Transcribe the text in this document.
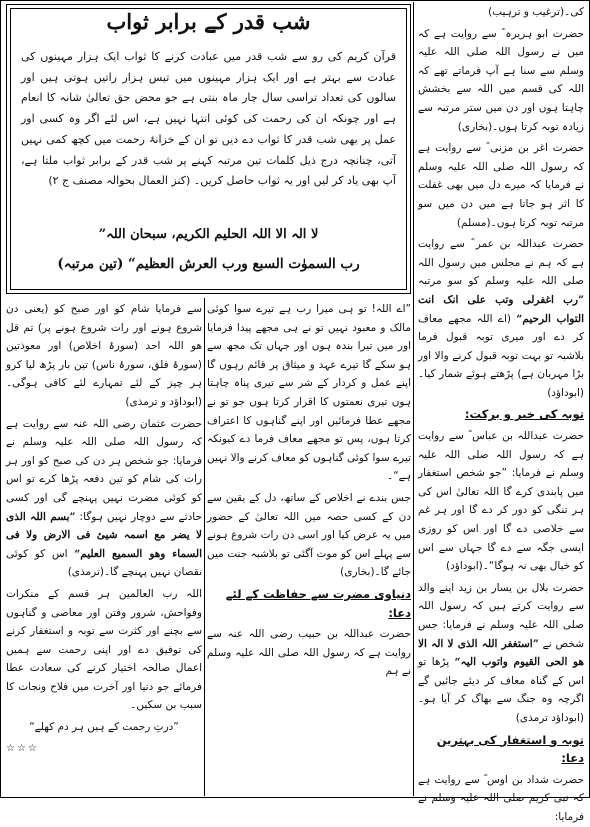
کی۔(ترغیب و ترہیب)

حضرت ابو ہریرہ ؓ سے روایت ہے کہ میں نے رسول اللہ صلی اللہ علیہ وسلم سے سنا ہے آپ فرماتے تھے کہ اللہ کی قسم میں اللہ سے بخشش چاہتا ہوں اور دن میں ستر مرتبہ سے زیادہ توبہ کرتا ہوں۔(بخاری)

حضرت اغر بن مزنی ؓ سے روایت ہے کہ رسول اللہ صلی اللہ علیہ وسلم نے فرمایا کہ میرے دل میں بھی غفلت کا اثر ہو جاتا ہے میں دن میں سو مرتبہ توبہ کرتا ہوں۔(مسلم)

حضرت عبداللہ بن عمر ؓ سے روایت ہے کہ ہم نے مجلس میں رسول اللہ صلی اللہ علیہ وسلم کو سو مرتبہ ”رب اغفرلی وتب علی انک انت التواب الرحیم“ (اے اللہ مجھے معاف کر دے اور میری توبہ قبول فرما بلاشبہ تو بہت توبہ قبول کرنے والا اور بڑا مہربان ہے) پڑھتے ہوئے شمار کیا۔(ابوداؤد)

توبہ کی خیر و برکت:

حضرت عبداللہ بن عباس ؓ سے روایت ہے کہ رسول اللہ صلی اللہ علیہ وسلم نے فرمایا: ”جو شخص استغفار میں پابندی کرے گا اللہ تعالیٰ اس کی ہر تنگی کو دور کر دے گا اور ہر غم سے خلاصی دے گا اور اس کو روزی ایسی جگہ سے دے گا جہاں سے اس کو خیال بھی نہ ہوگا“۔(ابوداؤد)

حضرت بلال بن یسار بن زید اپنے والد سے روایت کرتے ہیں کہ رسول اللہ صلی اللہ علیہ وسلم نے فرمایا: جس شخص نے ”استغفر اللہ الذی لا الہ الا ھو الحی القیوم واتوب الیہ“ پڑھا تو اس کے گناہ معاف کر دیئے جائیں گے اگرچہ وہ جنگ سے بھاگ کر آیا ہو۔(ابوداؤد ترمذی)

توبہ و استغفار کی بہترین دعا:

حضرت شداد بن اوس ؓ سے روایت ہے کہ نبی کریم صلی اللہ علیہ وسلم نے فرمایا:

شب قدر کے برابر ثواب

قرآن کریم کی رو سے شب قدر میں عبادت کرنے کا ثواب ایک ہزار مہینوں کی عبادت سے بہتر ہے اور ایک ہزار مہینوں میں تیس ہزار راتیں ہوتی ہیں اور سالوں کی تعداد تراسی سال چار ماہ بنتی ہے جو محض حق تعالیٰ شانہ کا انعام ہے اور چونکہ ان کی رحمت کی کوئی انتہا نہیں ہے، اس لئے اگر وہ کسی اور عمل پر بھی شب قدر کا ثواب دے دیں تو ان کے خزانۂ رحمت میں کچھ کمی نہیں آتی، چنانچہ درج ذیل کلمات تین مرتبہ کہنے پر شب قدر کے برابر ثواب ملتا ہے، آپ بھی یاد کر لیں اور یہ ثواب حاصل کریں۔ (کنز العمال بحوالہ مصنف ج ۲)

”لا الہ الا اللہ الحلیم الکریم، سبحان اللہ
رب السموٰت السبع ورب العرش العظیم“ (تین مرتبہ)

”اے اللہ! تو ہی میرا رب ہے تیرے سوا کوئی مالک و معبود نہیں تو نے ہی مجھے پیدا فرمایا اور میں تیرا بندہ ہوں اور جہاں تک مجھ سے ہو سکے گا تیرے عہد و میثاق پر قائم رہوں گا اپنے عمل و کردار کے شر سے تیری پناہ چاہتا ہوں تیری نعمتوں کا اقرار کرتا ہوں جو تو نے مجھے عطا فرمائیں اور اپنے گناہوں کا اعتراف کرتا ہوں، پس تو مجھے معاف فرما دے کیونکہ تیرے سوا کوئی گناہوں کو معاف کرنے والا نہیں ہے“۔

جس بندے نے اخلاص کے ساتھ، دل کے یقین سے دن کے کسی حصہ میں اللہ تعالیٰ کے حضور میں یہ عرض کیا اور اسی دن رات شروع ہونے سے پہلے اس کو موت آگئی تو بلاشبہ جنت میں جائے گا۔(بخاری)

دنیاوی مضرت سے حفاظت کے لئے دعا:

حضرت عبداللہ بن حبیب رضی اللہ عنہ سے روایت ہے کہ رسول اللہ صلی اللہ علیہ وسلم نے ہم

سے فرمایا شام کو اور صبح کو (یعنی دن شروع ہونے اور رات شروع ہونے پر) تم قل ھو اللہ احد (سورۂ اخلاص) اور معوذتین (سورۂ فلق، سورۂ ناس) تین بار پڑھ لیا کرو ہر چیز کے لئے تمہارے لئے کافی ہوگی۔(ابوداؤد و ترمذی)

حضرت عثمان رضی اللہ عنہ سے روایت ہے کہ رسول اللہ صلی اللہ علیہ وسلم نے فرمایا: جو شخص ہر دن کی صبح کو اور ہر رات کی شام کو تین دفعہ پڑھا کرے تو اس کو کوئی مضرت نہیں پہنچے گی اور کسی حادثے سے دوچار نہیں ہوگا: ”بسم اللہ الذی لا یضر مع اسمہ شیئ فی الارض ولا فی السماء وھو السمیع العلیم“ اس کو کوئی نقصان نہیں پہنچے گا۔(ترمذی)

اللہ رب العالمین ہر قسم کے منکرات وفواحش، شرور وفتن اور معاصی و گناہوں سے بچنے اور کثرت سے توبہ و استغفار کرنے کی توفیق دے اور اپنی رحمت سے ہمیں اعمال صالحہ اختیار کرنے کی سعادت عطا فرمائے جو دنیا اور آخرت میں فلاح ونجات کا سبب بن سکیں۔

”درتِ رحمت کے ہیں ہر دم کھلے“

☆☆☆
